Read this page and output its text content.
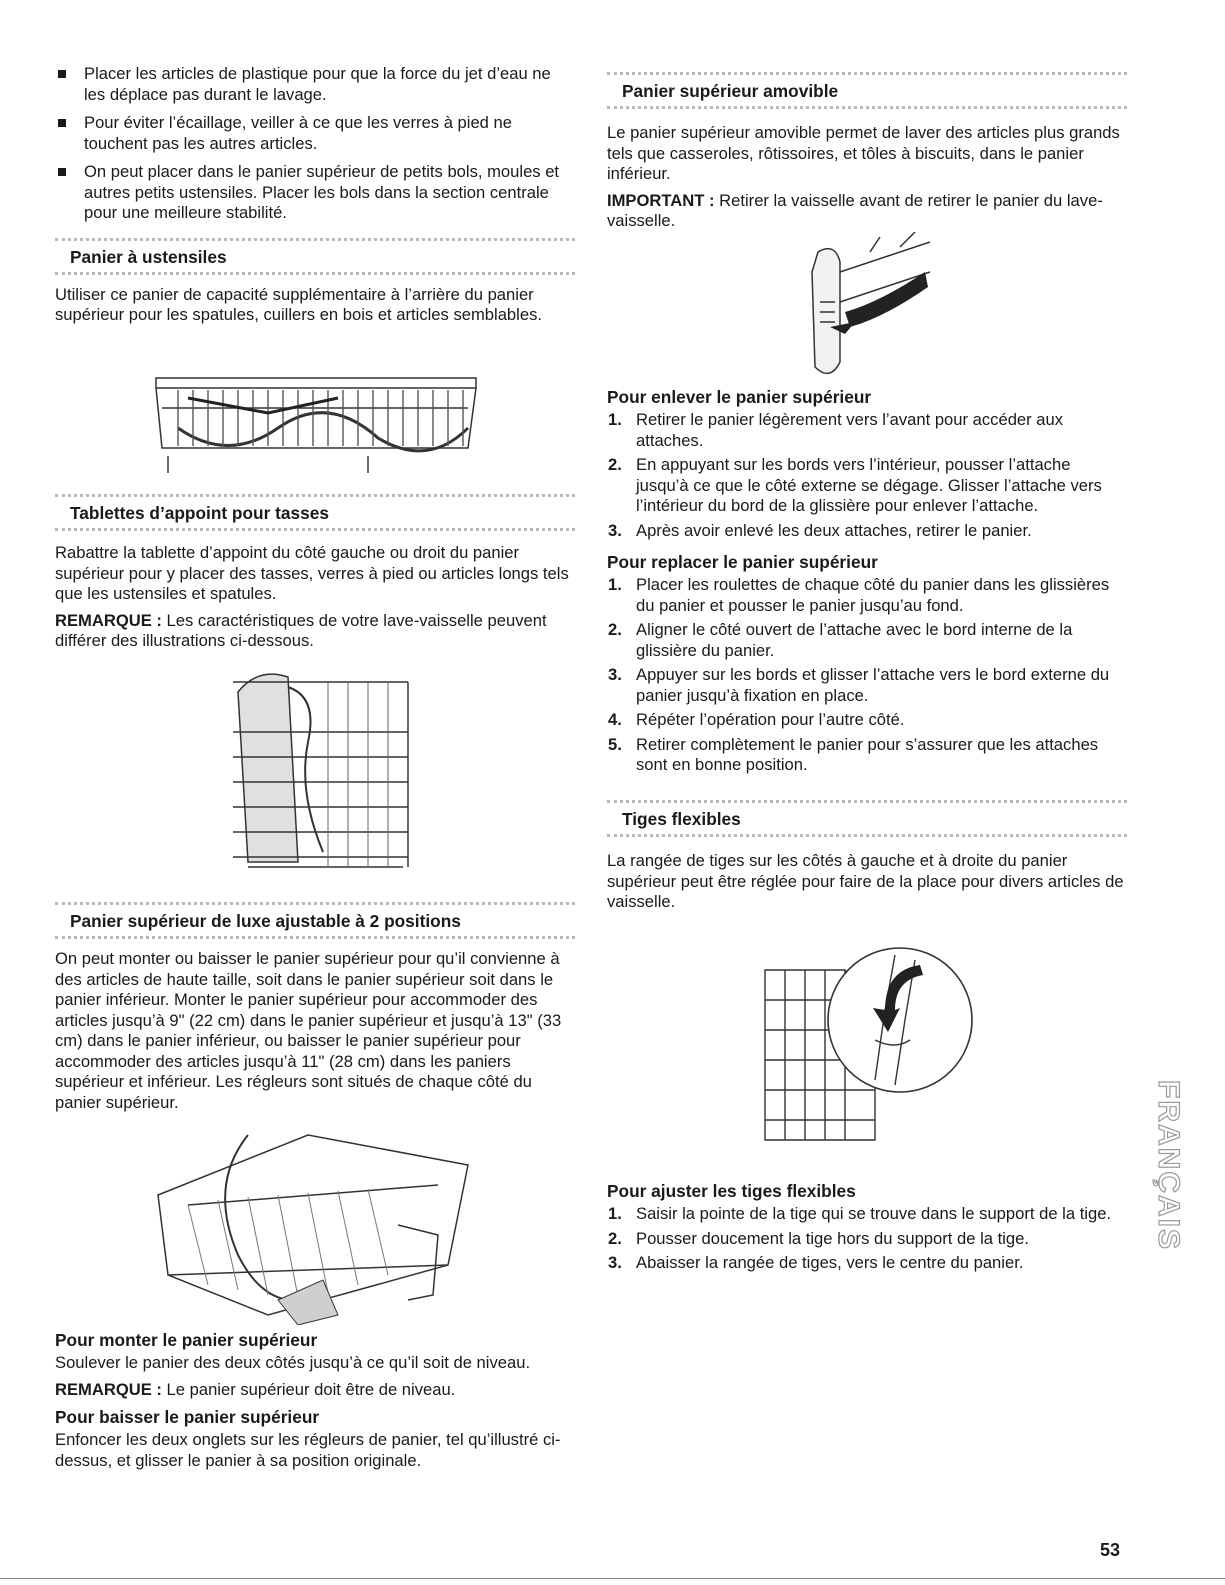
Placer les articles de plastique pour que la force du jet d’eau ne les déplace pas durant le lavage.
Pour éviter l’écaillage, veiller à ce que les verres à pied ne touchent pas les autres articles.
On peut placer dans le panier supérieur de petits bols, moules et autres petits ustensiles. Placer les bols dans la section centrale pour une meilleure stabilité.
Panier à ustensiles

Utiliser ce panier de capacité supplémentaire à l’arrière du panier supérieur pour les spatules, cuillers en bois et articles semblables.

Tablettes d’appoint pour tasses

Rabattre la tablette d’appoint du côté gauche ou droit du panier supérieur pour y placer des tasses, verres à pied ou articles longs tels que les ustensiles et spatules.

REMARQUE : Les caractéristiques de votre lave-vaisselle peuvent différer des illustrations ci-dessous.

Panier supérieur de luxe ajustable à 2 positions

On peut monter ou baisser le panier supérieur pour qu’il convienne à des articles de haute taille, soit dans le panier supérieur soit dans le panier inférieur. Monter le panier supérieur pour accommoder des articles jusqu’à 9" (22 cm) dans le panier supérieur et jusqu’à 13" (33 cm) dans le panier inférieur, ou baisser le panier supérieur pour accommoder des articles jusqu’à 11" (28 cm) dans les paniers supérieur et inférieur. Les régleurs sont situés de chaque côté du panier supérieur.

Pour monter le panier supérieur

Soulever le panier des deux côtés jusqu’à ce qu’il soit de niveau.

REMARQUE : Le panier supérieur doit être de niveau.

Pour baisser le panier supérieur

Enfoncer les deux onglets sur les régleurs de panier, tel qu’illustré ci-dessus, et glisser le panier à sa position originale.

Panier supérieur amovible

Le panier supérieur amovible permet de laver des articles plus grands tels que casseroles, rôtissoires, et tôles à biscuits, dans le panier inférieur.

IMPORTANT : Retirer la vaisselle avant de retirer le panier du lave-vaisselle.

Pour enlever le panier supérieur
1. Retirer le panier légèrement vers l’avant pour accéder aux attaches.
2. En appuyant sur les bords vers l’intérieur, pousser l’attache jusqu’à ce que le côté externe se dégage. Glisser l’attache vers l’intérieur du bord de la glissière pour enlever l’attache.
3. Après avoir enlevé les deux attaches, retirer le panier.
Pour replacer le panier supérieur
1. Placer les roulettes de chaque côté du panier dans les glissières du panier et pousser le panier jusqu’au fond.
2. Aligner le côté ouvert de l’attache avec le bord interne de la glissière du panier.
3. Appuyer sur les bords et glisser l’attache vers le bord externe du panier jusqu’à fixation en place.
4. Répéter l’opération pour l’autre côté.
5. Retirer complètement le panier pour s’assurer que les attaches sont en bonne position.
Tiges flexibles

La rangée de tiges sur les côtés à gauche et à droite du panier supérieur peut être réglée pour faire de la place pour divers articles de vaisselle.

Pour ajuster les tiges flexibles
1. Saisir la pointe de la tige qui se trouve dans le support de la tige.
2. Pousser doucement la tige hors du support de la tige.
3. Abaisser la rangée de tiges, vers le centre du panier.
FRANÇAIS
53
